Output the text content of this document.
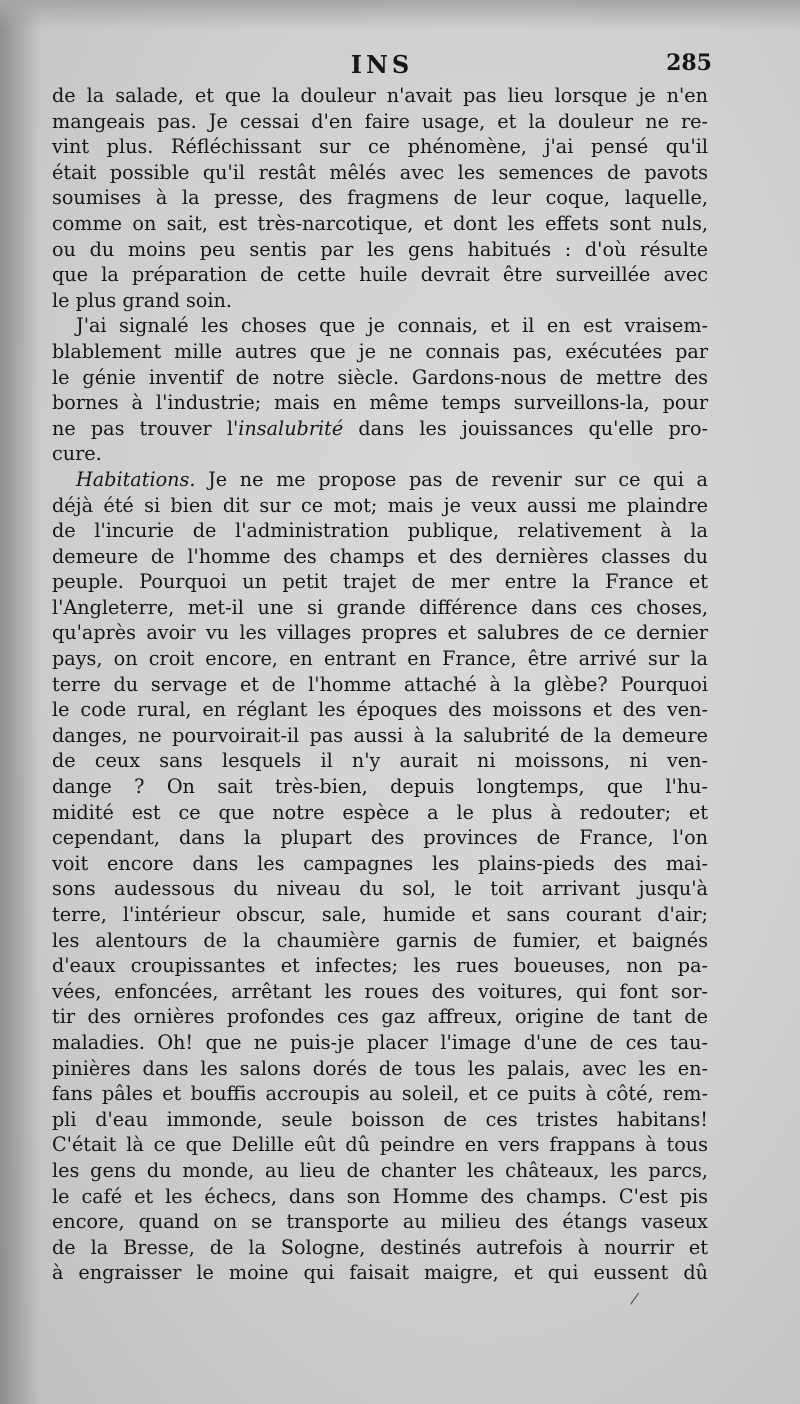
INS	285
de la salade, et que la douleur n'avait pas lieu lorsque je n'en
mangeais pas. Je cessai d'en faire usage, et la douleur ne re-
vint plus. Réfléchissant sur ce phénomène, j'ai pensé qu'il
était possible qu'il restât mêlés avec les semences de pavots
soumises à la presse, des fragmens de leur coque, laquelle,
comme on sait, est très-narcotique, et dont les effets sont nuls,
ou du moins peu sentis par les gens habitués : d'où résulte
que la préparation de cette huile devrait être surveillée avec
le plus grand soin.
J'ai signalé les choses que je connais, et il en est vraisem-
blablement mille autres que je ne connais pas, exécutées par
le génie inventif de notre siècle. Gardons-nous de mettre des
bornes à l'industrie; mais en même temps surveillons-la, pour
ne pas trouver l'insalubrité dans les jouissances qu'elle pro-
cure.
Habitations. Je ne me propose pas de revenir sur ce qui a
déjà été si bien dit sur ce mot; mais je veux aussi me plaindre
de l'incurie de l'administration publique, relativement à la
demeure de l'homme des champs et des dernières classes du
peuple. Pourquoi un petit trajet de mer entre la France et
l'Angleterre, met-il une si grande différence dans ces choses,
qu'après avoir vu les villages propres et salubres de ce dernier
pays, on croit encore, en entrant en France, être arrivé sur la
terre du servage et de l'homme attaché à la glèbe? Pourquoi
le code rural, en réglant les époques des moissons et des ven-
danges, ne pourvoirait-il pas aussi à la salubrité de la demeure
de ceux sans lesquels il n'y aurait ni moissons, ni ven-
dange ? On sait très-bien, depuis longtemps, que l'hu-
midité est ce que notre espèce a le plus à redouter; et
cependant, dans la plupart des provinces de France, l'on
voit encore dans les campagnes les plains-pieds des mai-
sons audessous du niveau du sol, le toit arrivant jusqu'à
terre, l'intérieur obscur, sale, humide et sans courant d'air;
les alentours de la chaumière garnis de fumier, et baignés
d'eaux croupissantes et infectes; les rues boueuses, non pa-
vées, enfoncées, arrêtant les roues des voitures, qui font sor-
tir des ornières profondes ces gaz affreux, origine de tant de
maladies. Oh! que ne puis-je placer l'image d'une de ces tau-
pinières dans les salons dorés de tous les palais, avec les en-
fans pâles et bouffis accroupis au soleil, et ce puits à côté, rem-
pli d'eau immonde, seule boisson de ces tristes habitans!
C'était là ce que Delille eût dû peindre en vers frappans à tous
les gens du monde, au lieu de chanter les châteaux, les parcs,
le café et les échecs, dans son Homme des champs. C'est pis
encore, quand on se transporte au milieu des étangs vaseux
de la Bresse, de la Sologne, destinés autrefois à nourrir et
à engraisser le moine qui faisait maigre, et qui eussent dû
